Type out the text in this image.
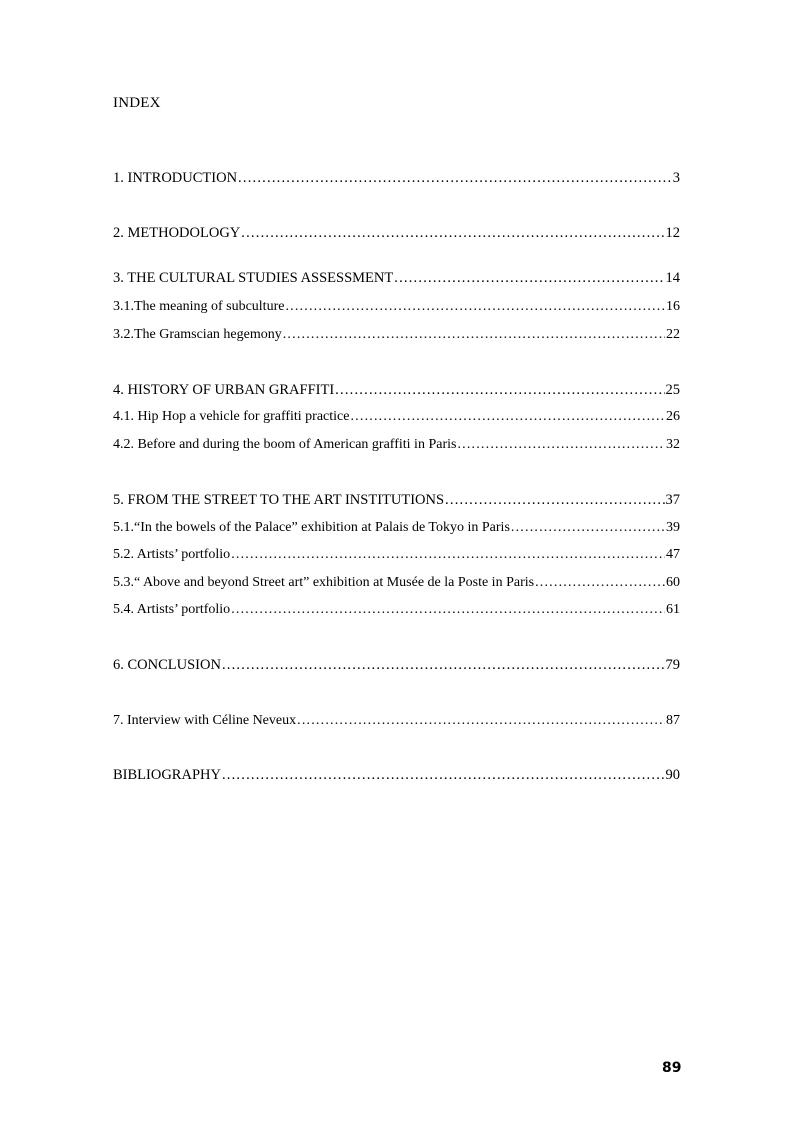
INDEX
1. INTRODUCTION .....	3
2. METHODOLOGY .....	12
3. THE CULTURAL STUDIES ASSESSMENT .....	14
3.1.The meaning of subculture .....	16
3.2.The Gramscian hegemony .....	22
4. HISTORY OF URBAN GRAFFITI .....	25
4.1. Hip Hop a vehicle for graffiti practice .....	26
4.2. Before and during the boom of American graffiti in Paris .....	32
5. FROM THE STREET TO THE ART INSTITUTIONS .....	37
5.1.“In the bowels of the Palace” exhibition at Palais de Tokyo in Paris .....	39
5.2. Artists’ portfolio .....	47
5.3.“ Above and beyond Street art” exhibition at Musée de la Poste in Paris .....	60
5.4. Artists’ portfolio .....	61
6. CONCLUSION .....	79
7. Interview with Céline Neveux .....	87
BIBLIOGRAPHY .....	90
89
